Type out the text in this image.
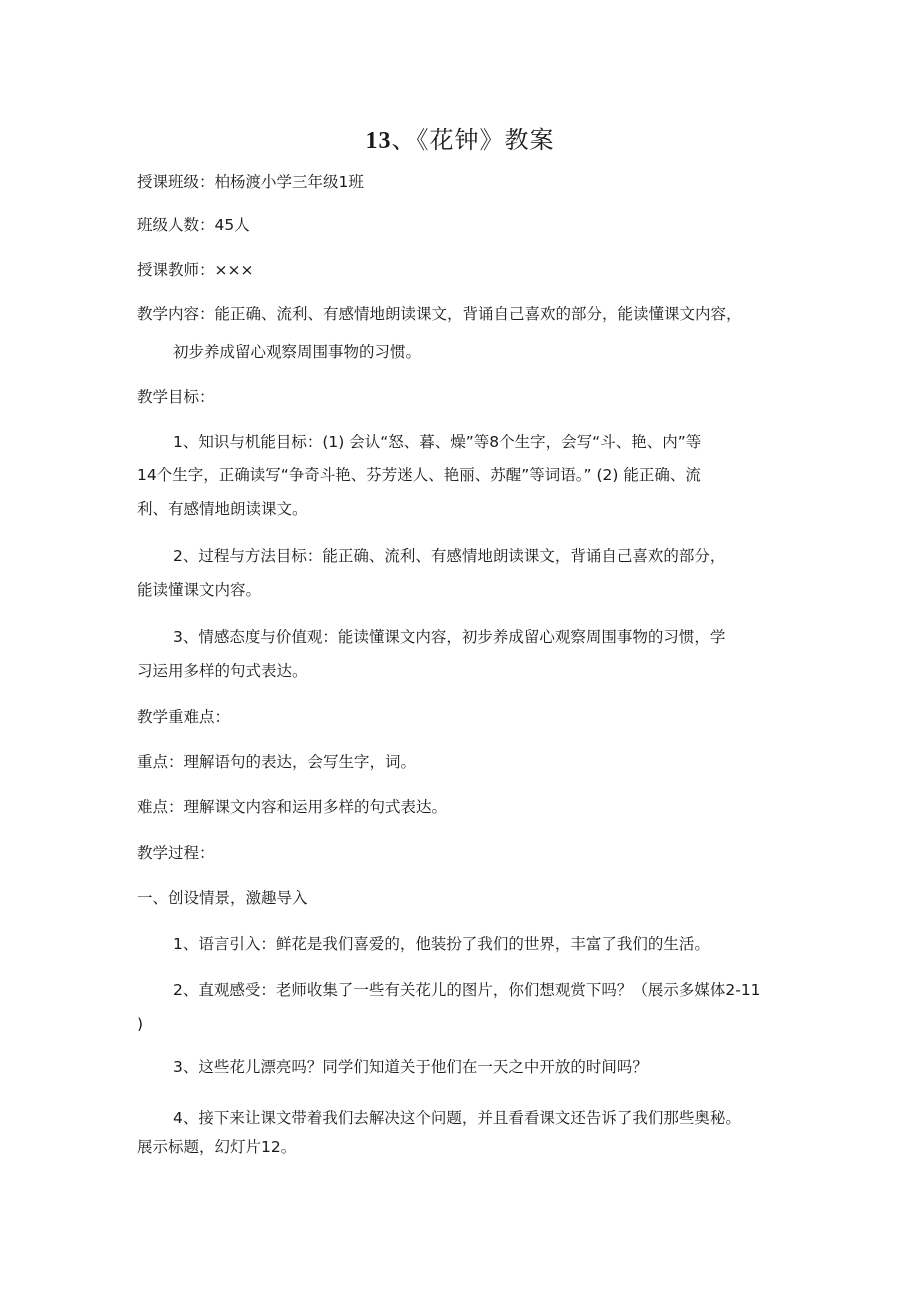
13、《花钟》教案

授课班级：柏杨渡小学三年级1班

班级人数：45人

授课教师：×××

教学内容：能正确、流利、有感情地朗读课文，背诵自己喜欢的部分，能读懂课文内容，

初步养成留心观察周围事物的习惯。

教学目标：

1、知识与机能目标：(1) 会认“怒、暮、燥”等8个生字，会写“斗、艳、内”等

14个生字，正确读写“争奇斗艳、芬芳迷人、艳丽、苏醒”等词语。” (2) 能正确、流

利、有感情地朗读课文。

2、过程与方法目标：能正确、流利、有感情地朗读课文，背诵自己喜欢的部分，

能读懂课文内容。

3、情感态度与价值观：能读懂课文内容，初步养成留心观察周围事物的习惯，学

习运用多样的句式表达。

教学重难点：

重点：理解语句的表达，会写生字，词。

难点：理解课文内容和运用多样的句式表达。

教学过程：

一、创设情景，激趣导入

1、语言引入：鲜花是我们喜爱的，他装扮了我们的世界，丰富了我们的生活。

2、直观感受：老师收集了一些有关花儿的图片，你们想观赏下吗？（展示多媒体2-11

)

3、这些花儿漂亮吗？同学们知道关于他们在一天之中开放的时间吗？

4、接下来让课文带着我们去解决这个问题，并且看看课文还告诉了我们那些奥秘。

展示标题，幻灯片12。
